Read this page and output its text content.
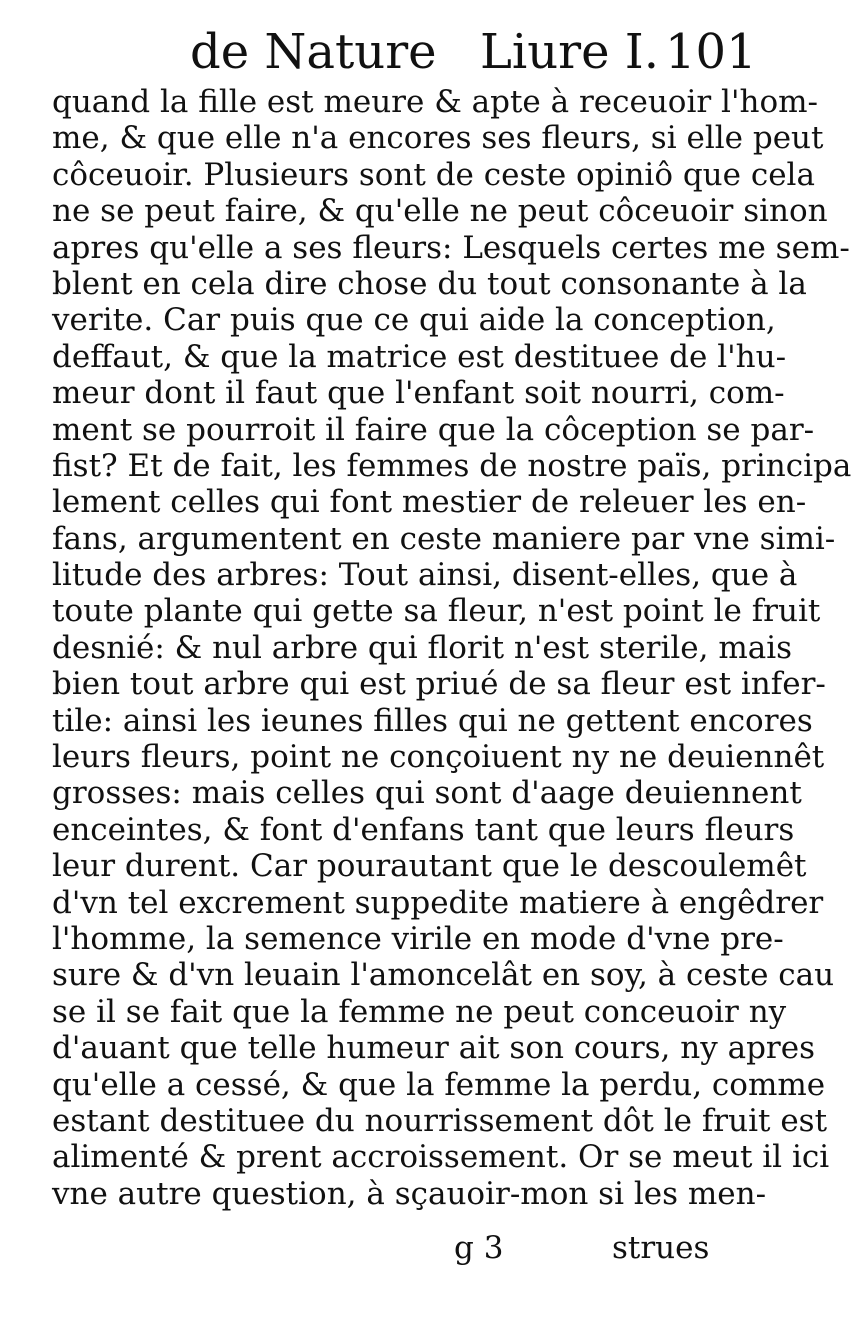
de Nature Liure I. 101
quand la fille est meure & apte à receuoir l'hom-
me, & que elle n'a encores ses fleurs, si elle peut
côceuoir. Plusieurs sont de ceste opiniô que cela
ne se peut faire, & qu'elle ne peut côceuoir sinon
apres qu'elle a ses fleurs: Lesquels certes me sem-
blent en cela dire chose du tout consonante à la
verite. Car puis que ce qui aide la conception,
deffaut, & que la matrice est destituee de l'hu-
meur dont il faut que l'enfant soit nourri, com-
ment se pourroit il faire que la côception se par-
fist? Et de fait, les femmes de nostre païs, principa
lement celles qui font mestier de releuer les en-
fans, argumentent en ceste maniere par vne simi-
litude des arbres: Tout ainsi, disent-elles, que à
toute plante qui gette sa fleur, n'est point le fruit
desnié: & nul arbre qui florit n'est sterile, mais
bien tout arbre qui est priué de sa fleur est infer-
tile: ainsi les ieunes filles qui ne gettent encores
leurs fleurs, point ne conçoiuent ny ne deuiennêt
grosses: mais celles qui sont d'aage deuiennent
enceintes, & font d'enfans tant que leurs fleurs
leur durent. Car pourautant que le descoulemêt
d'vn tel excrement suppedite matiere à engêdrer
l'homme, la semence virile en mode d'vne pre-
sure & d'vn leuain l'amoncelât en soy, à ceste cau
se il se fait que la femme ne peut conceuoir ny
d'auant que telle humeur ait son cours, ny apres
qu'elle a cessé, & que la femme la perdu, comme
estant destituee du nourrissement dôt le fruit est
alimenté & prent accroissement. Or se meut il ici
vne autre question, à sçauoir-mon si les men-
g 3	strues
